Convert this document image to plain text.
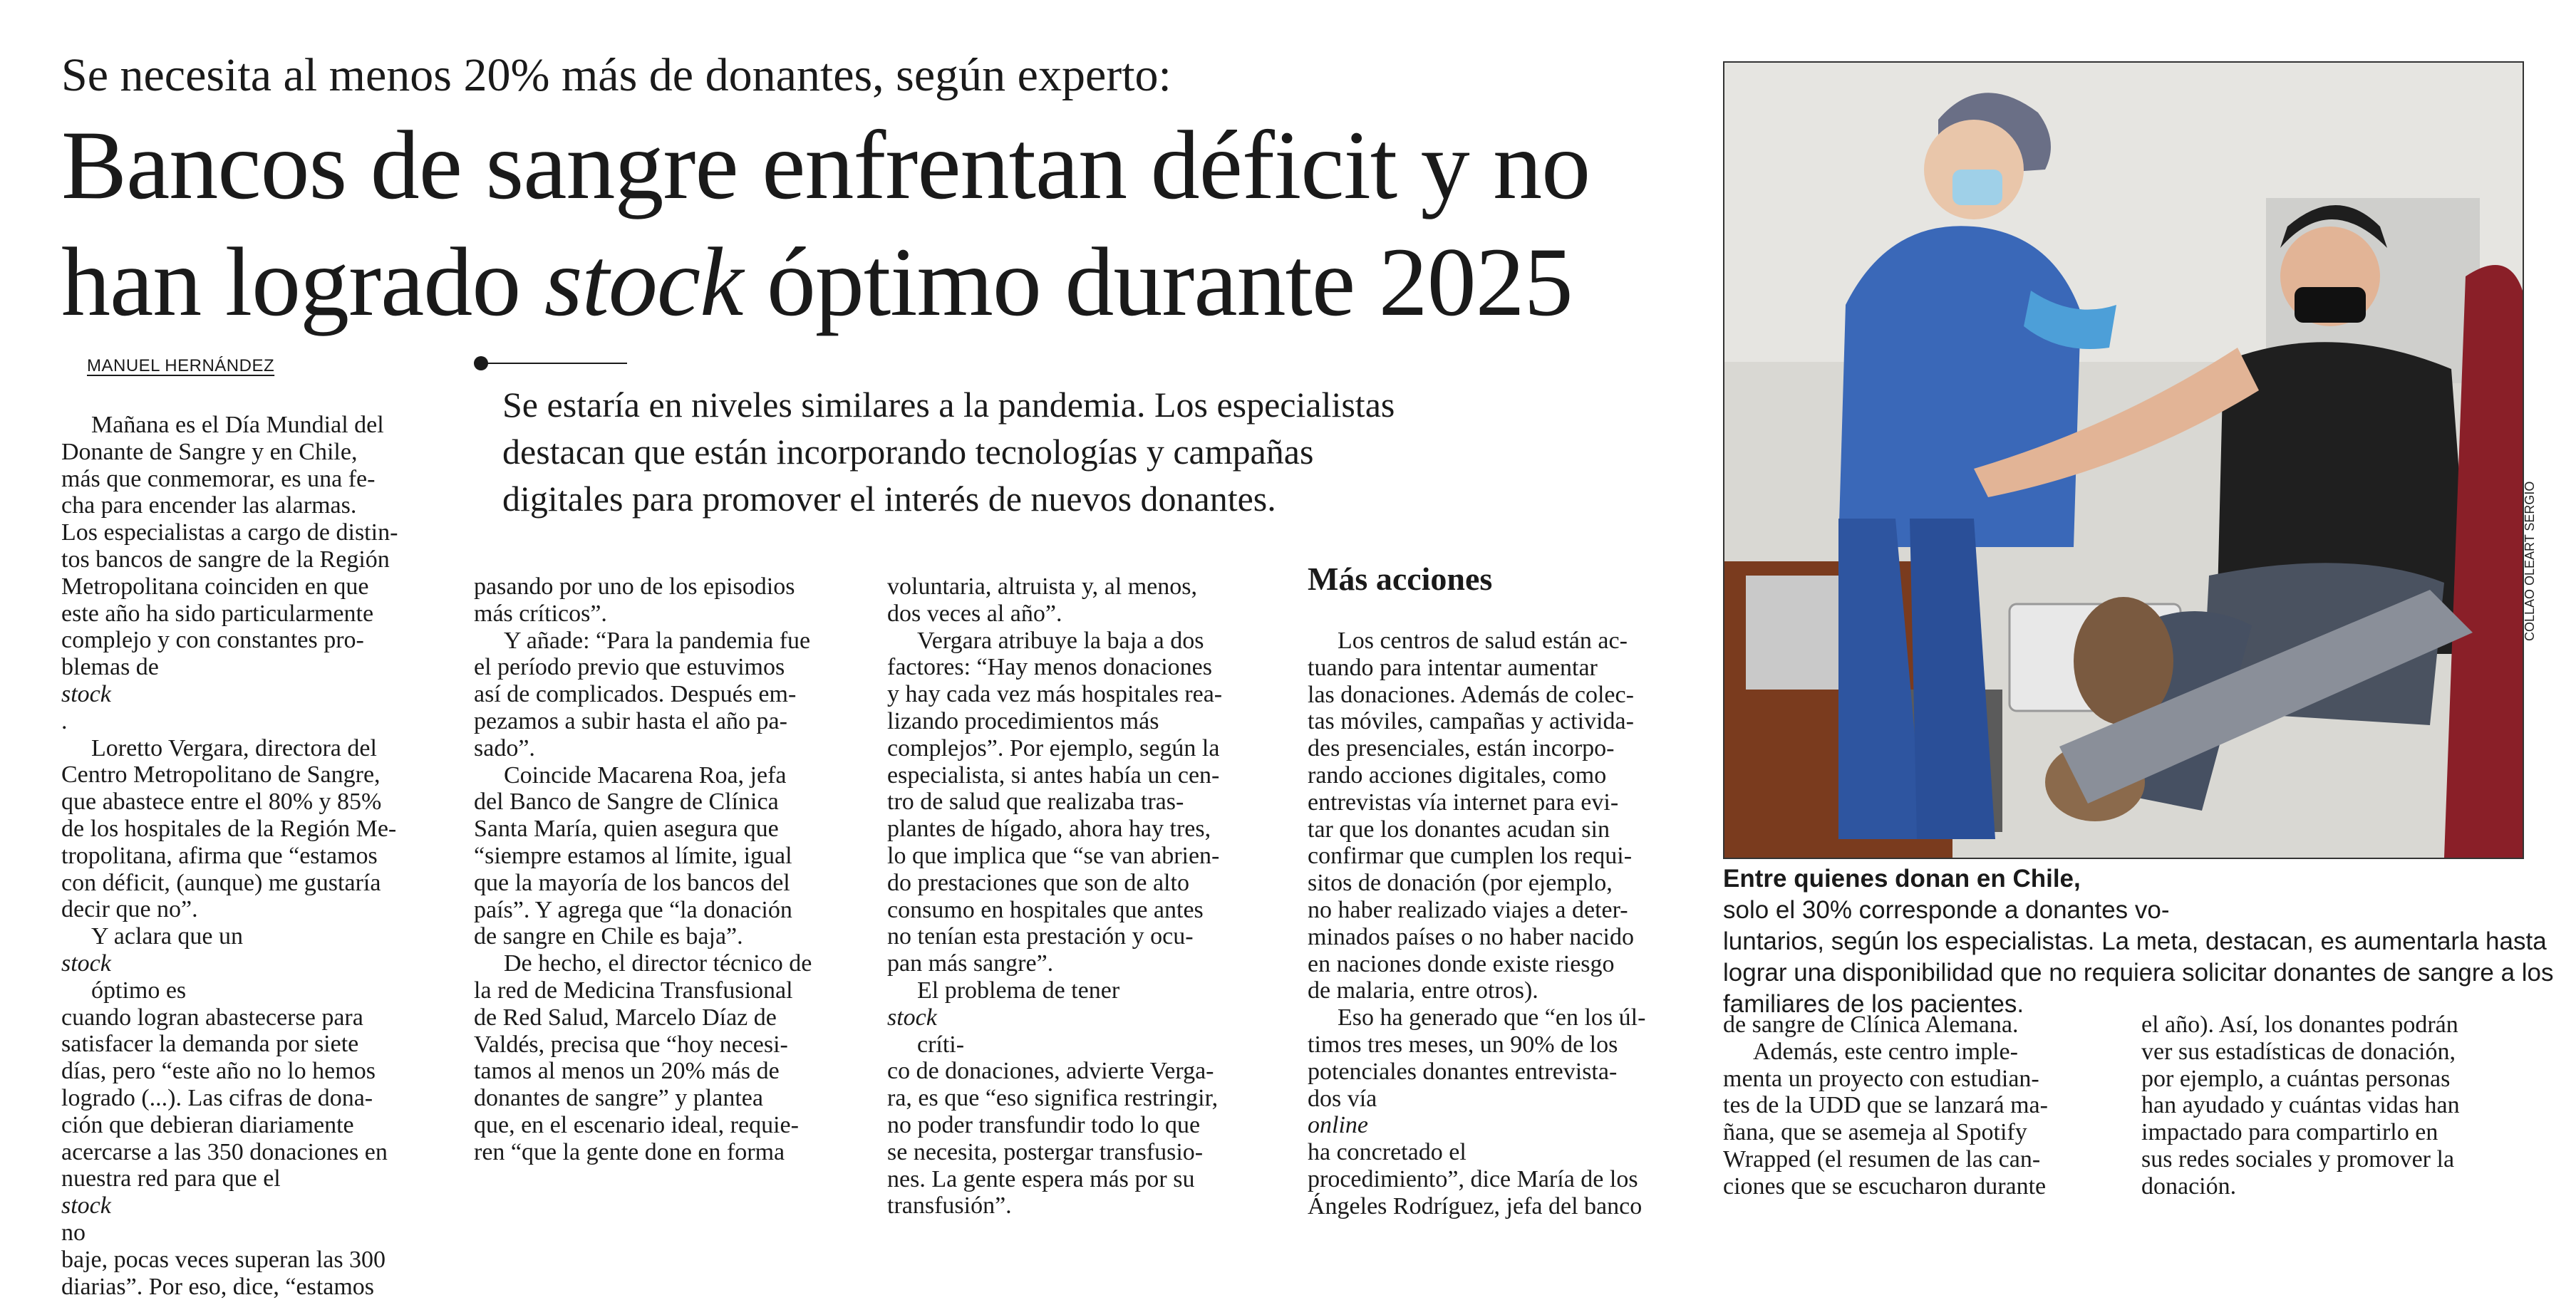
Se necesita al menos 20% más de donantes, según experto:
Bancos de sangre enfrentan déficit y no
han logrado stock óptimo durante 2025
MANUEL HERNÁNDEZ
Se estaría en niveles similares a la pandemia. Los especialistas
destacan que están incorporando tecnologías y campañas
digitales para promover el interés de nuevos donantes.
Mañana es el Día Mundial del
Donante de Sangre y en Chile,
más que conmemorar, es una fe-
cha para encender las alarmas.
Los especialistas a cargo de distin-
tos bancos de sangre de la Región
Metropolitana coinciden en que
este año ha sido particularmente
complejo y con constantes pro-
blemas de
stock
.
Loretto Vergara, directora del
Centro Metropolitano de Sangre,
que abastece entre el 80% y 85%
de los hospitales de la Región Me-
tropolitana, afirma que “estamos
con déficit, (aunque) me gustaría
decir que no”.
Y aclara que un
stock
óptimo es
cuando logran abastecerse para
satisfacer la demanda por siete
días, pero “este año no lo hemos
logrado (...). Las cifras de dona-
ción que debieran diariamente
acercarse a las 350 donaciones en
nuestra red para que el
stock
no
baje, pocas veces superan las 300
diarias”. Por eso, dice, “estamos
pasando por uno de los episodios
más críticos”.
Y añade: “Para la pandemia fue
el período previo que estuvimos
así de complicados. Después em-
pezamos a subir hasta el año pa-
sado”.
Coincide Macarena Roa, jefa
del Banco de Sangre de Clínica
Santa María, quien asegura que
“siempre estamos al límite, igual
que la mayoría de los bancos del
país”. Y agrega que “la donación
de sangre en Chile es baja”.
De hecho, el director técnico de
la red de Medicina Transfusional
de Red Salud, Marcelo Díaz de
Valdés, precisa que “hoy necesi-
tamos al menos un 20% más de
donantes de sangre” y plantea
que, en el escenario ideal, requie-
ren “que la gente done en forma
voluntaria, altruista y, al menos,
dos veces al año”.
Vergara atribuye la baja a dos
factores: “Hay menos donaciones
y hay cada vez más hospitales rea-
lizando procedimientos más
complejos”. Por ejemplo, según la
especialista, si antes había un cen-
tro de salud que realizaba tras-
plantes de hígado, ahora hay tres,
lo que implica que “se van abrien-
do prestaciones que son de alto
consumo en hospitales que antes
no tenían esta prestación y ocu-
pan más sangre”.
El problema de tener
stock
críti-
co de donaciones, advierte Verga-
ra, es que “eso significa restringir,
no poder transfundir todo lo que
se necesita, postergar transfusio-
nes. La gente espera más por su
transfusión”.
Más acciones
Los centros de salud están ac-
tuando para intentar aumentar
las donaciones. Además de colec-
tas móviles, campañas y activida-
des presenciales, están incorpo-
rando acciones digitales, como
entrevistas vía internet para evi-
tar que los donantes acudan sin
confirmar que cumplen los requi-
sitos de donación (por ejemplo,
no haber realizado viajes a deter-
minados países o no haber nacido
en naciones donde existe riesgo
de malaria, entre otros).
Eso ha generado que “en los úl-
timos tres meses, un 90% de los
potenciales donantes entrevista-
dos vía
online
ha concretado el
procedimiento”, dice María de los
Ángeles Rodríguez, jefa del banco
de sangre de Clínica Alemana.
Además, este centro imple-
menta un proyecto con estudian-
tes de la UDD que se lanzará ma-
ñana, que se asemeja al Spotify
Wrapped (el resumen de las can-
ciones que se escucharon durante
el año). Así, los donantes podrán
ver sus estadísticas de donación,
por ejemplo, a cuántas personas
han ayudado y cuántas vidas han
impactado para compartirlo en
sus redes sociales y promover la
donación.
COLLAO OLEART SERGIO
Entre quienes donan en Chile,
solo el 30% corresponde a donantes vo-
luntarios, según los especialistas. La meta, destacan, es aumentarla hasta
lograr una disponibilidad que no requiera solicitar donantes de sangre a los
familiares de los pacientes.
